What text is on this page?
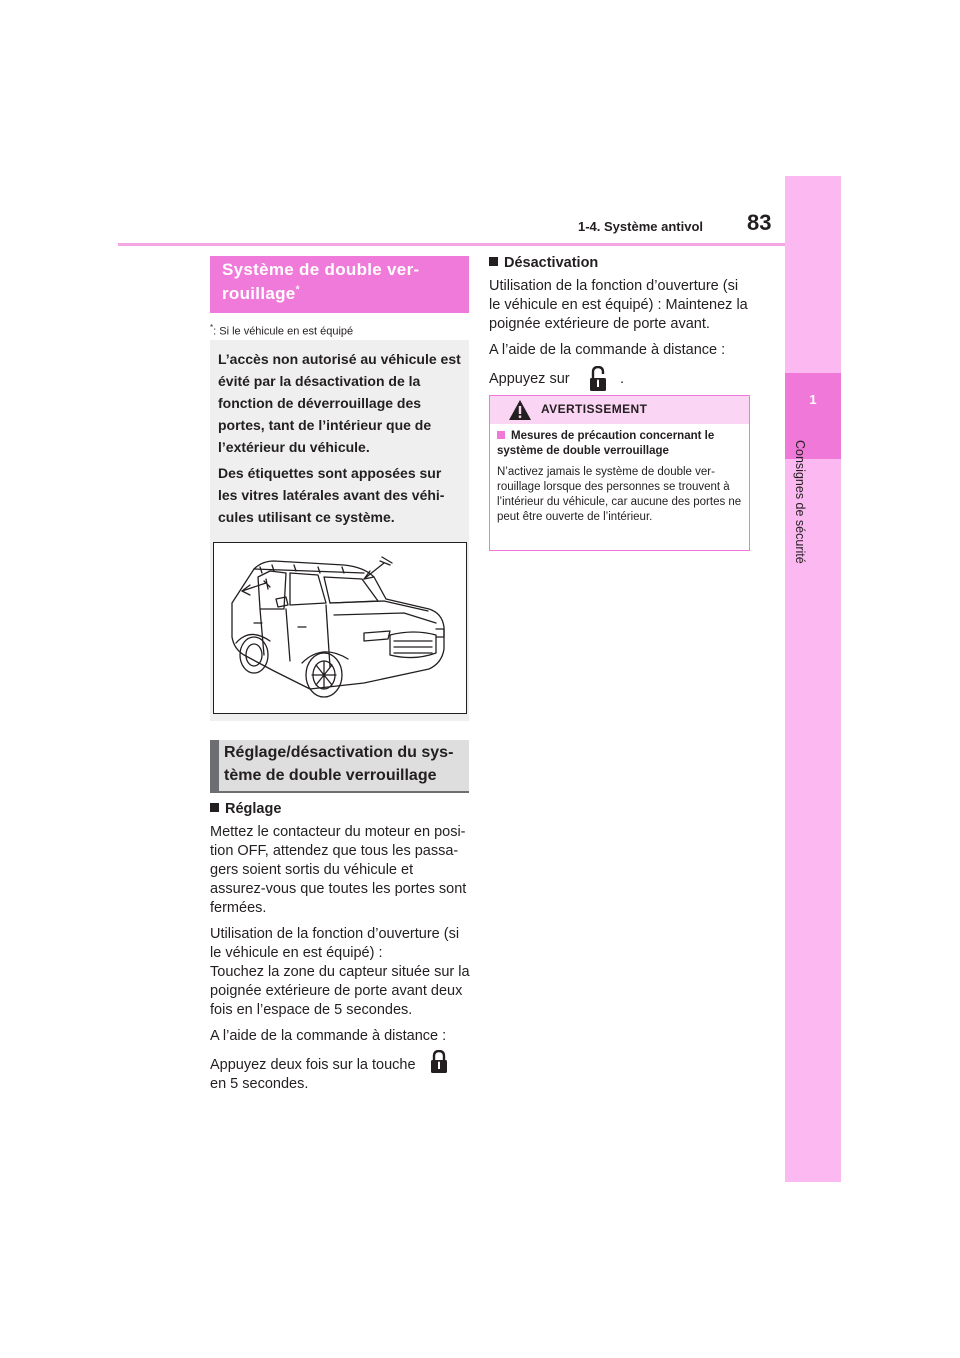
1-4. Système antivol 83
1
Consignes de sécurité
Système de double ver-
rouillage*
*: Si le véhicule en est équipé

L’accès non autorisé au véhicule est évité par la désactivation de la fonction de déverrouillage des portes, tant de l’intérieur que de l’extérieur du véhicule.

Des étiquettes sont apposées sur les vitres latérales avant des véhi-cules utilisant ce système.

Réglage/désactivation du sys-
tème de double verrouillage
Réglage

Mettez le contacteur du moteur en posi-tion OFF, attendez que tous les passa-gers soient sortis du véhicule et assurez-vous que toutes les portes sont fermées.

Utilisation de la fonction d’ouverture (si le véhicule en est équipé) :

Touchez la zone du capteur située sur la poignée extérieure de porte avant deux fois en l’espace de 5 secondes.

A l’aide de la commande à distance :

Appuyez deux fois sur la touche
en 5 secondes.
Désactivation

Utilisation de la fonction d’ouverture (si le véhicule en est équipé) : Maintenez la poignée extérieure de porte avant.

A l’aide de la commande à distance :

Appuyez sur	.
AVERTISSEMENT
Mesures de précaution concernant le système de double verrouillage
N’activez jamais le système de double ver-rouillage lorsque des personnes se trouvent à l’intérieur du véhicule, car aucune des portes ne peut être ouverte de l’intérieur.
